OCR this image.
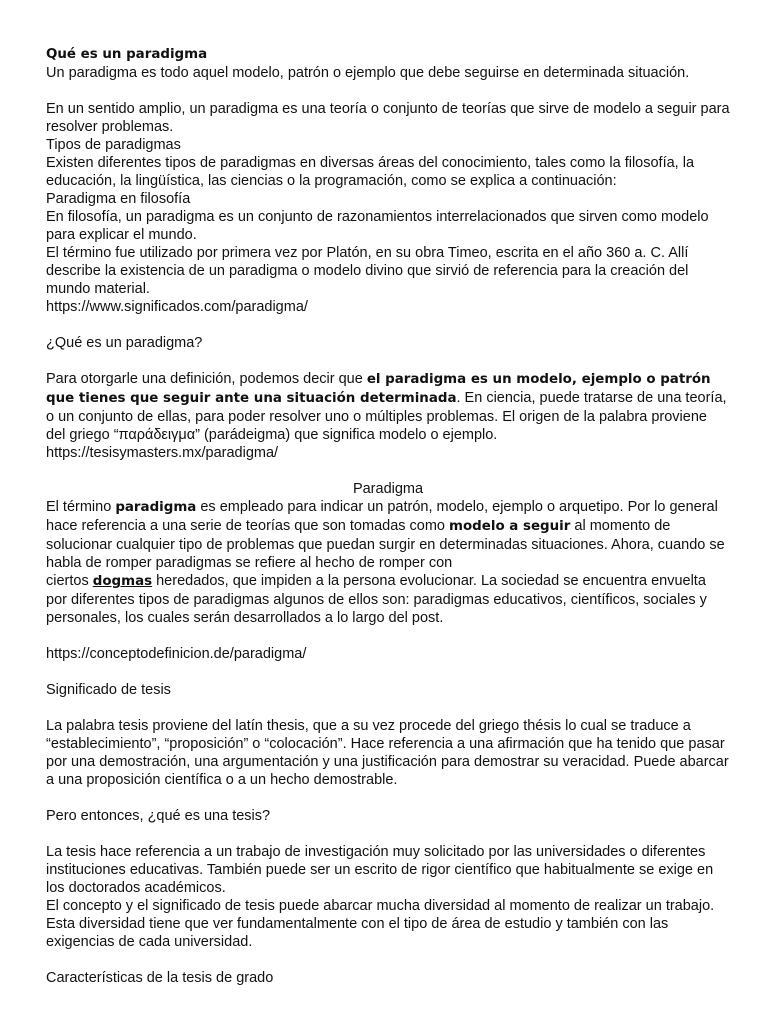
Qué es un paradigma

Un paradigma es todo aquel modelo, patrón o ejemplo que debe seguirse en determinada situación.

En un sentido amplio, un paradigma es una teoría o conjunto de teorías que sirve de modelo a seguir para resolver problemas.

Tipos de paradigmas

Existen diferentes tipos de paradigmas en diversas áreas del conocimiento, tales como la filosofía, la educación, la lingüística, las ciencias o la programación, como se explica a continuación:

Paradigma en filosofía

En filosofía, un paradigma es un conjunto de razonamientos interrelacionados que sirven como modelo para explicar el mundo.

El término fue utilizado por primera vez por Platón, en su obra Timeo, escrita en el año 360 a. C. Allí describe la existencia de un paradigma o modelo divino que sirvió de referencia para la creación del mundo material.

https://www.significados.com/paradigma/

¿Qué es un paradigma?

Para otorgarle una definición, podemos decir que el paradigma es un modelo, ejemplo o patrón que tienes que seguir ante una situación determinada. En ciencia, puede tratarse de una teoría, o un conjunto de ellas, para poder resolver uno o múltiples problemas. El origen de la palabra proviene del griego “παράδειγμα” (parádeigma) que significa modelo o ejemplo.

https://tesisymasters.mx/paradigma/

Paradigma

El término paradigma es empleado para indicar un patrón, modelo, ejemplo o arquetipo. Por lo general hace referencia a una serie de teorías que son tomadas como modelo a seguir al momento de solucionar cualquier tipo de problemas que puedan surgir en determinadas situaciones. Ahora, cuando se habla de romper paradigmas se refiere al hecho de romper con

ciertos dogmas heredados, que impiden a la persona evolucionar. La sociedad se encuentra envuelta por diferentes tipos de paradigmas algunos de ellos son: paradigmas educativos, científicos, sociales y personales, los cuales serán desarrollados a lo largo del post.

https://conceptodefinicion.de/paradigma/

Significado de tesis

La palabra tesis proviene del latín thesis, que a su vez procede del griego thésis lo cual se traduce a “establecimiento”, “proposición” o “colocación”. Hace referencia a una afirmación que ha tenido que pasar por una demostración, una argumentación y una justificación para demostrar su veracidad. Puede abarcar a una proposición científica o a un hecho demostrable.

Pero entonces, ¿qué es una tesis?

La tesis hace referencia a un trabajo de investigación muy solicitado por las universidades o diferentes instituciones educativas. También puede ser un escrito de rigor científico que habitualmente se exige en los doctorados académicos.

El concepto y el significado de tesis puede abarcar mucha diversidad al momento de realizar un trabajo. Esta diversidad tiene que ver fundamentalmente con el tipo de área de estudio y también con las exigencias de cada universidad.

Características de la tesis de grado
